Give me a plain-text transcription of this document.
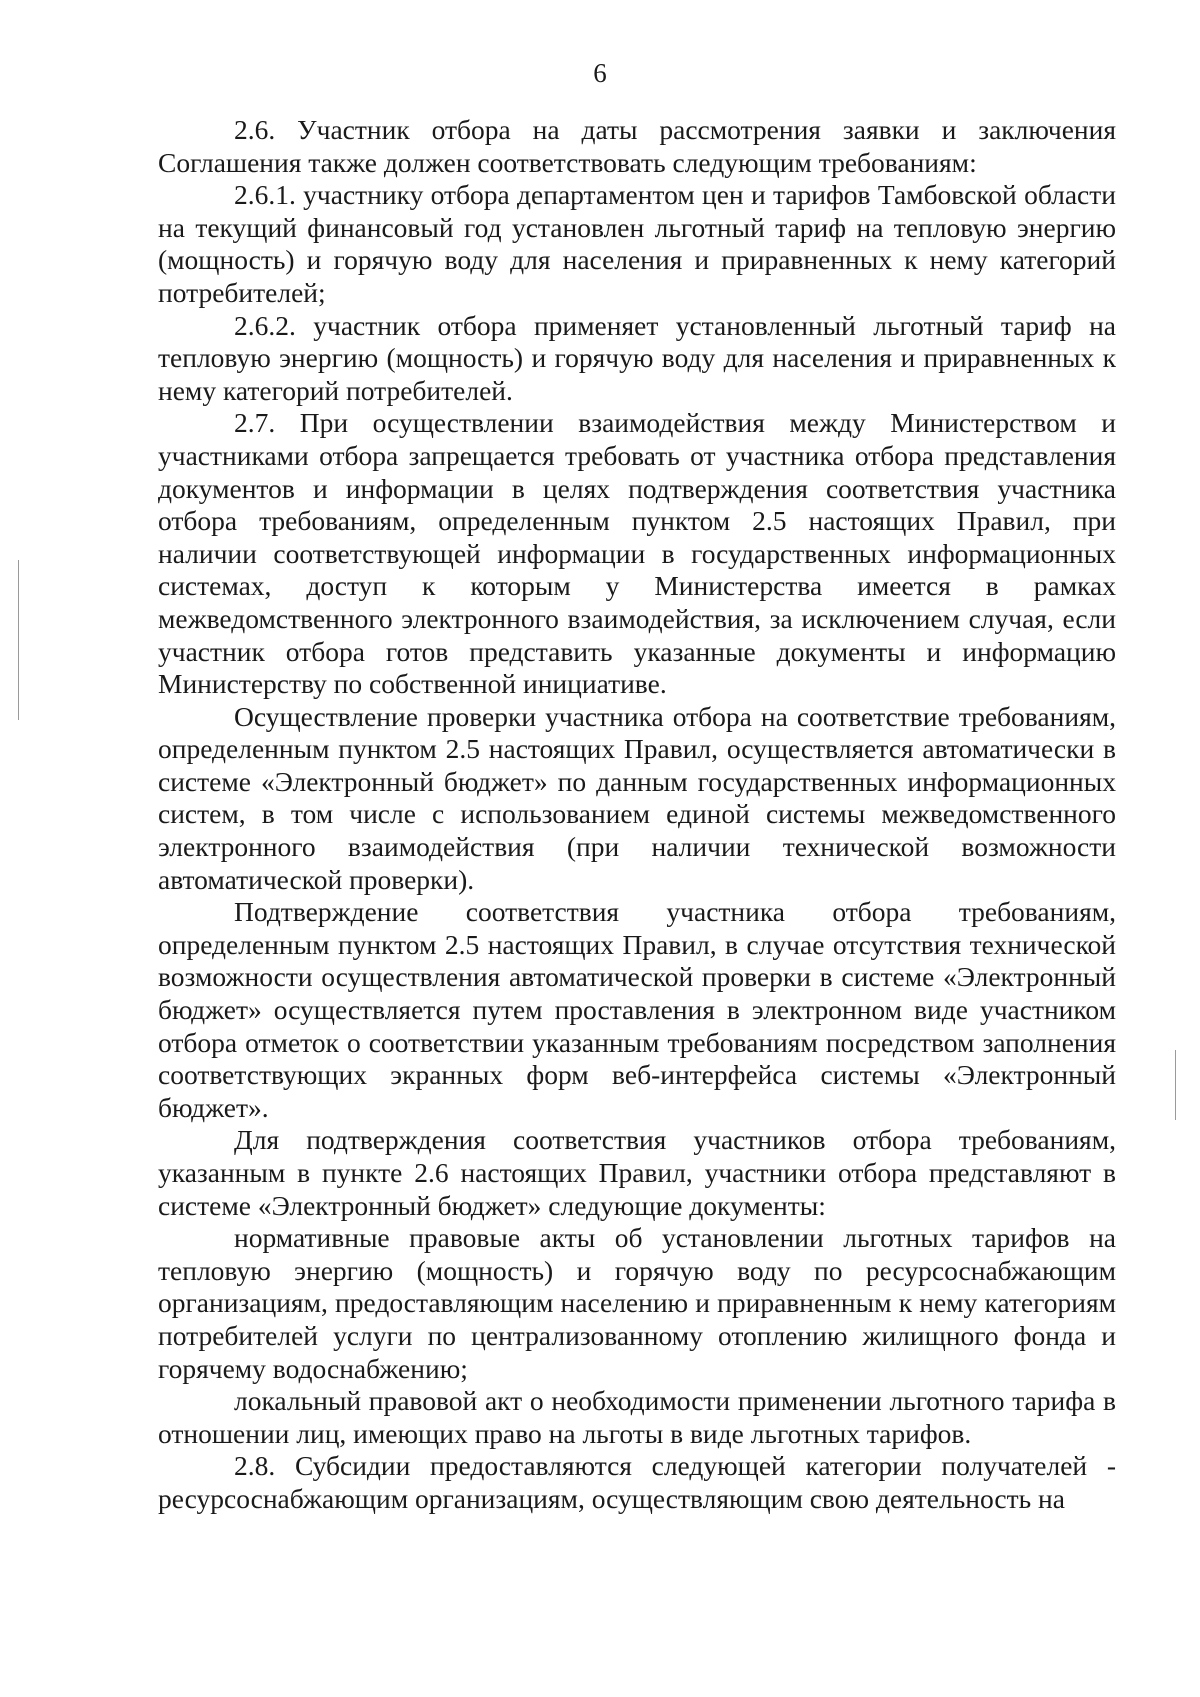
6

2.6. Участник отбора на даты рассмотрения заявки и заключения Соглашения также должен соответствовать следующим требованиям:

2.6.1. участнику отбора департаментом цен и тарифов Тамбовской области на текущий финансовый год установлен льготный тариф на тепловую энергию (мощность) и горячую воду для населения и приравненных к нему категорий потребителей;

2.6.2. участник отбора применяет установленный льготный тариф на тепловую энергию (мощность) и горячую воду для населения и приравненных к нему категорий потребителей.

2.7. При осуществлении взаимодействия между Министерством и участниками отбора запрещается требовать от участника отбора представления документов и информации в целях подтверждения соответствия участника отбора требованиям, определенным пунктом 2.5 настоящих Правил, при наличии соответствующей информации в государственных информационных системах, доступ к которым у Министерства имеется в рамках межведомственного электронного взаимодействия, за исключением случая, если участник отбора готов представить указанные документы и информацию Министерству по собственной инициативе.

Осуществление проверки участника отбора на соответствие требованиям, определенным пунктом 2.5 настоящих Правил, осуществляется автоматически в системе «Электронный бюджет» по данным государственных информационных систем, в том числе с использованием единой системы межведомственного электронного взаимодействия (при наличии технической возможности автоматической проверки).

Подтверждение соответствия участника отбора требованиям, определенным пунктом 2.5 настоящих Правил, в случае отсутствия технической возможности осуществления автоматической проверки в системе «Электронный бюджет» осуществляется путем проставления в электронном виде участником отбора отметок о соответствии указанным требованиям посредством заполнения соответствующих экранных форм веб-интерфейса системы «Электронный бюджет».

Для подтверждения соответствия участников отбора требованиям, указанным в пункте 2.6 настоящих Правил, участники отбора представляют в системе «Электронный бюджет» следующие документы:

нормативные правовые акты об установлении льготных тарифов на тепловую энергию (мощность) и горячую воду по ресурсоснабжающим организациям, предоставляющим населению и приравненным к нему категориям потребителей услуги по централизованному отоплению жилищного фонда и горячему водоснабжению;

локальный правовой акт о необходимости применении льготного тарифа в отношении лиц, имеющих право на льготы в виде льготных тарифов.

2.8. Субсидии предоставляются следующей категории получателей - ресурсоснабжающим организациям, осуществляющим свою деятельность на
